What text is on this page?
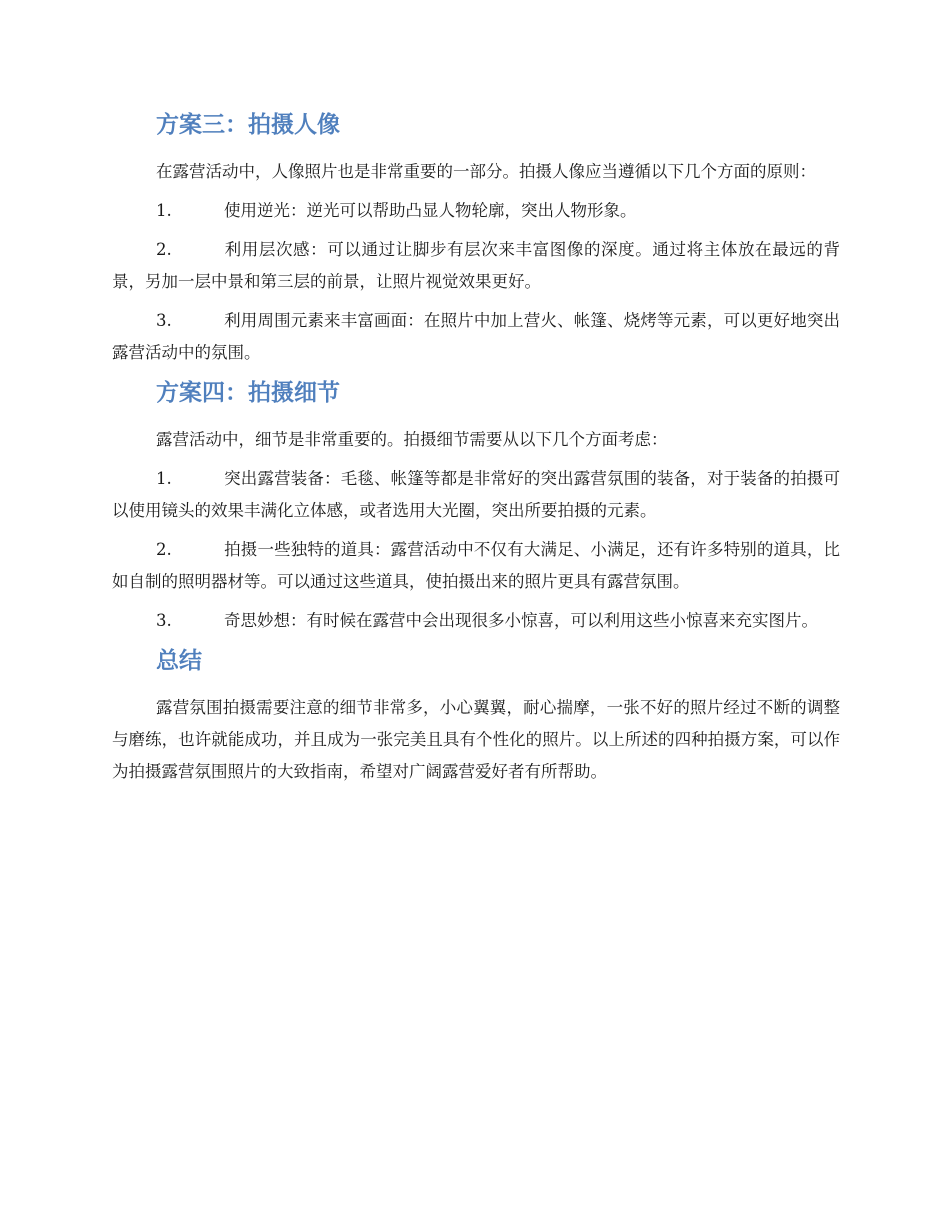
方案三：拍摄人像

在露营活动中，人像照片也是非常重要的一部分。拍摄人像应当遵循以下几个方面的原则：

1.	使用逆光：逆光可以帮助凸显人物轮廓，突出人物形象。

2.	利用层次感：可以通过让脚步有层次来丰富图像的深度。通过将主体放在最远的背景，另加一层中景和第三层的前景，让照片视觉效果更好。

3.	利用周围元素来丰富画面：在照片中加上营火、帐篷、烧烤等元素，可以更好地突出露营活动中的氛围。

方案四：拍摄细节

露营活动中，细节是非常重要的。拍摄细节需要从以下几个方面考虑：

1.	突出露营装备：毛毯、帐篷等都是非常好的突出露营氛围的装备，对于装备的拍摄可以使用镜头的效果丰满化立体感，或者选用大光圈，突出所要拍摄的元素。

2.	拍摄一些独特的道具：露营活动中不仅有大满足、小满足，还有许多特别的道具，比如自制的照明器材等。可以通过这些道具，使拍摄出来的照片更具有露营氛围。

3.	奇思妙想：有时候在露营中会出现很多小惊喜，可以利用这些小惊喜来充实图片。

总结

露营氛围拍摄需要注意的细节非常多，小心翼翼，耐心揣摩，一张不好的照片经过不断的调整与磨练，也许就能成功，并且成为一张完美且具有个性化的照片。以上所述的四种拍摄方案，可以作为拍摄露营氛围照片的大致指南，希望对广阔露营爱好者有所帮助。
